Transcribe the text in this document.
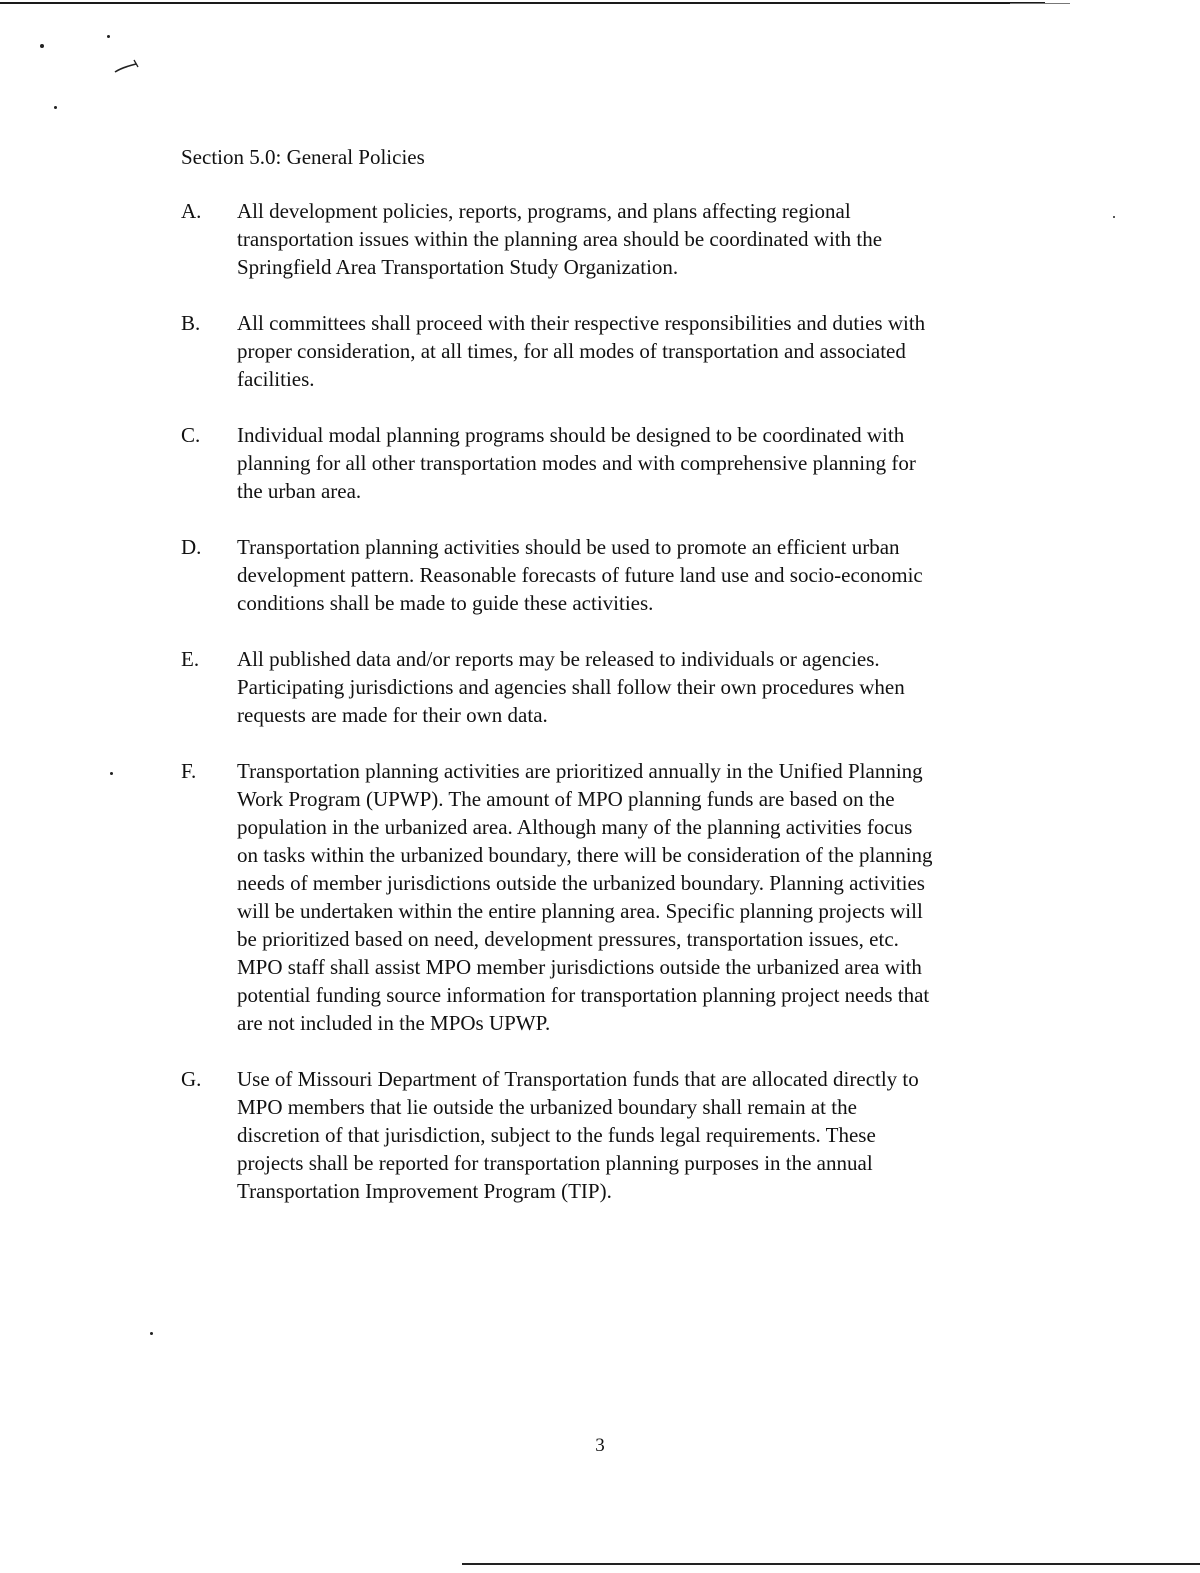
Section 5.0: General Policies
A.	All development policies, reports, programs, and plans affecting regional
transportation issues within the planning area should be coordinated with the
Springfield Area Transportation Study Organization.
B.	All committees shall proceed with their respective responsibilities and duties with
proper consideration, at all times, for all modes of transportation and associated
facilities.
C.	Individual modal planning programs should be designed to be coordinated with
planning for all other transportation modes and with comprehensive planning for
the urban area.
D.	Transportation planning activities should be used to promote an efficient urban
development pattern. Reasonable forecasts of future land use and socio-economic
conditions shall be made to guide these activities.
E.	All published data and/or reports may be released to individuals or agencies.
Participating jurisdictions and agencies shall follow their own procedures when
requests are made for their own data.
F.	Transportation planning activities are prioritized annually in the Unified Planning
Work Program (UPWP). The amount of MPO planning funds are based on the
population in the urbanized area. Although many of the planning activities focus
on tasks within the urbanized boundary, there will be consideration of the planning
needs of member jurisdictions outside the urbanized boundary. Planning activities
will be undertaken within the entire planning area. Specific planning projects will
be prioritized based on need, development pressures, transportation issues, etc.
MPO staff shall assist MPO member jurisdictions outside the urbanized area with
potential funding source information for transportation planning project needs that
are not included in the MPOs UPWP.
G.	Use of Missouri Department of Transportation funds that are allocated directly to
MPO members that lie outside the urbanized boundary shall remain at the
discretion of that jurisdiction, subject to the funds legal requirements. These
projects shall be reported for transportation planning purposes in the annual
Transportation Improvement Program (TIP).
3
